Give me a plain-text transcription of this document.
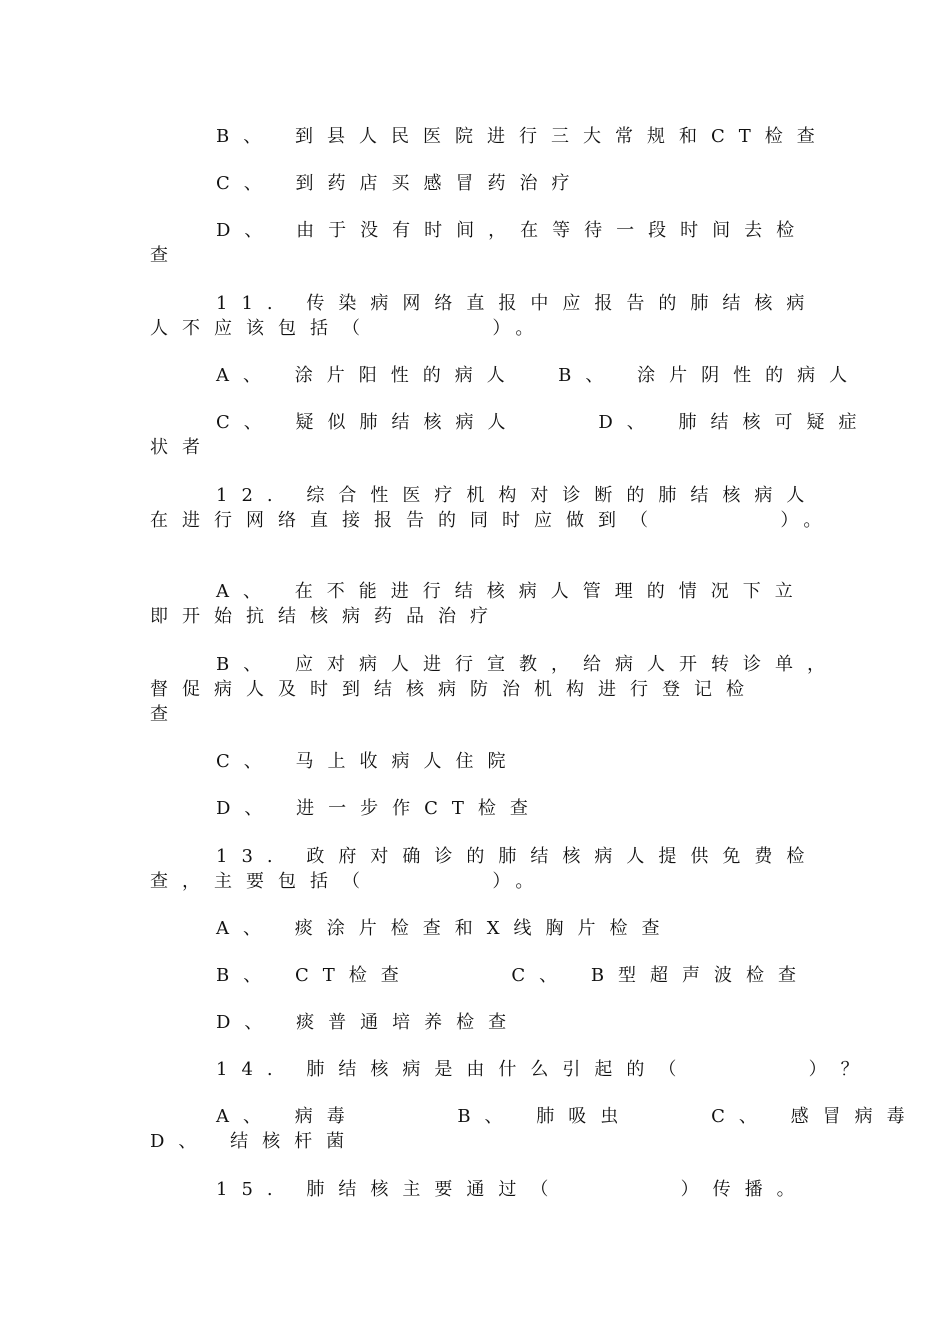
B、 到县人民医院进行三大常规和CT检查
C、 到药店买感冒药治疗
D、 由于没有时间，在等待一段时间去检
查
11. 传染病网络直报中应报告的肺结核病
人不应该包括（      ）。
A、 涂片阳性的病人  B、 涂片阴性的病人
C、 疑似肺结核病人    D、 肺结核可疑症
状者
12. 综合性医疗机构对诊断的肺结核病人
在进行网络直接报告的同时应做到（      ）。
A、 在不能进行结核病人管理的情况下立
即开始抗结核病药品治疗
B、 应对病人进行宣教，给病人开转诊单，
督促病人及时到结核病防治机构进行登记检
查
C、 马上收病人住院
D、 进一步作CT检查
13. 政府对确诊的肺结核病人提供免费检
查，主要包括（      ）。
A、 痰涂片检查和X线胸片检查
B、 CT检查     C、 B型超声波检查
D、 痰普通培养检查
14. 肺结核病是由什么引起的（      ）？
A、 病毒     B、 肺吸虫    C、 感冒病毒
D、 结核杆菌
15. 肺结核主要通过（      ）传播。
